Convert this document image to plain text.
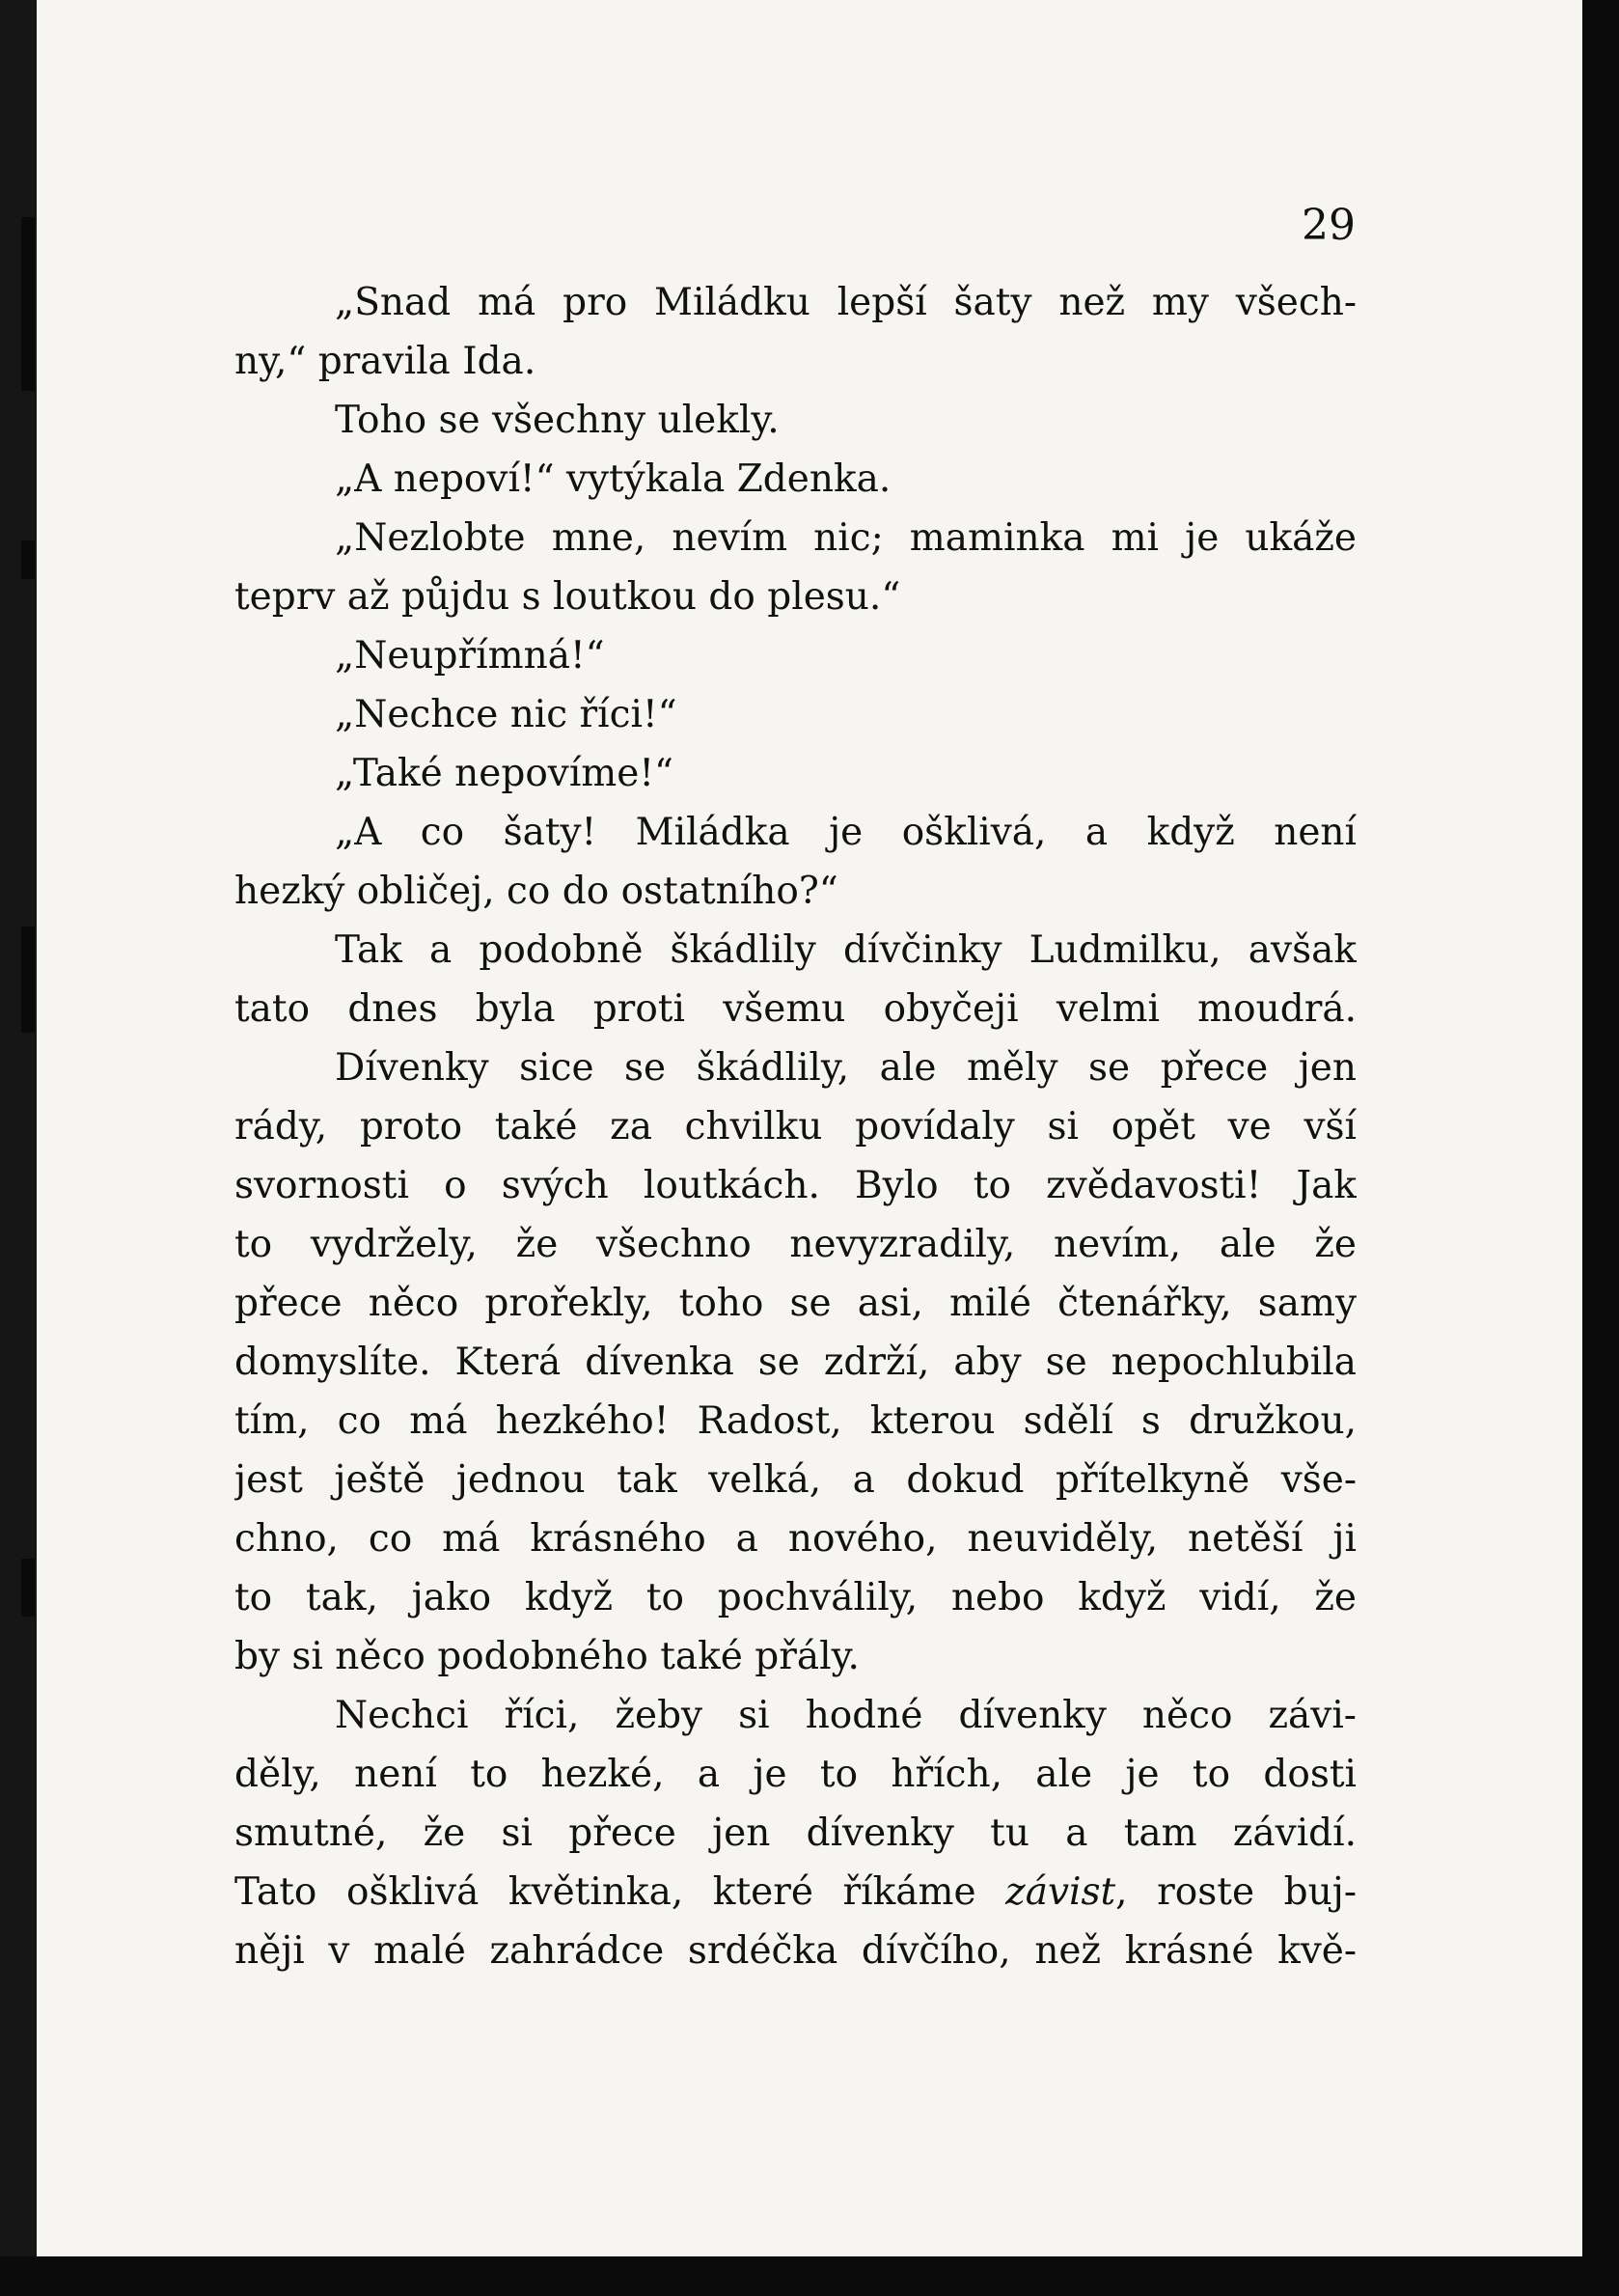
29
„Snad má pro Miládku lepší šaty než my všech-
ny,“ pravila Ida.
Toho se všechny ulekly.
„A nepoví!“ vytýkala Zdenka.
„Nezlobte mne, nevím nic; maminka mi je ukáže
teprv až půjdu s loutkou do plesu.“
„Neupřímná!“
„Nechce nic říci!“
„Také nepovíme!“
„A co šaty! Miládka je ošklivá, a když není
hezký obličej, co do ostatního?“
Tak a podobně škádlily dívčinky Ludmilku, avšak
tato dnes byla proti všemu obyčeji velmi moudrá.
Dívenky sice se škádlily, ale měly se přece jen
rády, proto také za chvilku povídaly si opět ve vší
svornosti o svých loutkách. Bylo to zvědavosti! Jak
to vydržely, že všechno nevyzradily, nevím, ale že
přece něco prořekly, toho se asi, milé čtenářky, samy
domyslíte. Která dívenka se zdrží, aby se nepochlubila
tím, co má hezkého! Radost, kterou sdělí s družkou,
jest ještě jednou tak velká, a dokud přítelkyně vše-
chno, co má krásného a nového, neuviděly, netěší ji
to tak, jako když to pochválily, nebo když vidí, že
by si něco podobného také přály.
Nechci říci, žeby si hodné dívenky něco závi-
děly, není to hezké, a je to hřích, ale je to dosti
smutné, že si přece jen dívenky tu a tam závidí.
Tato ošklivá květinka, které říkáme závist, roste buj-
něji v malé zahrádce srdéčka dívčího, než krásné kvě-
